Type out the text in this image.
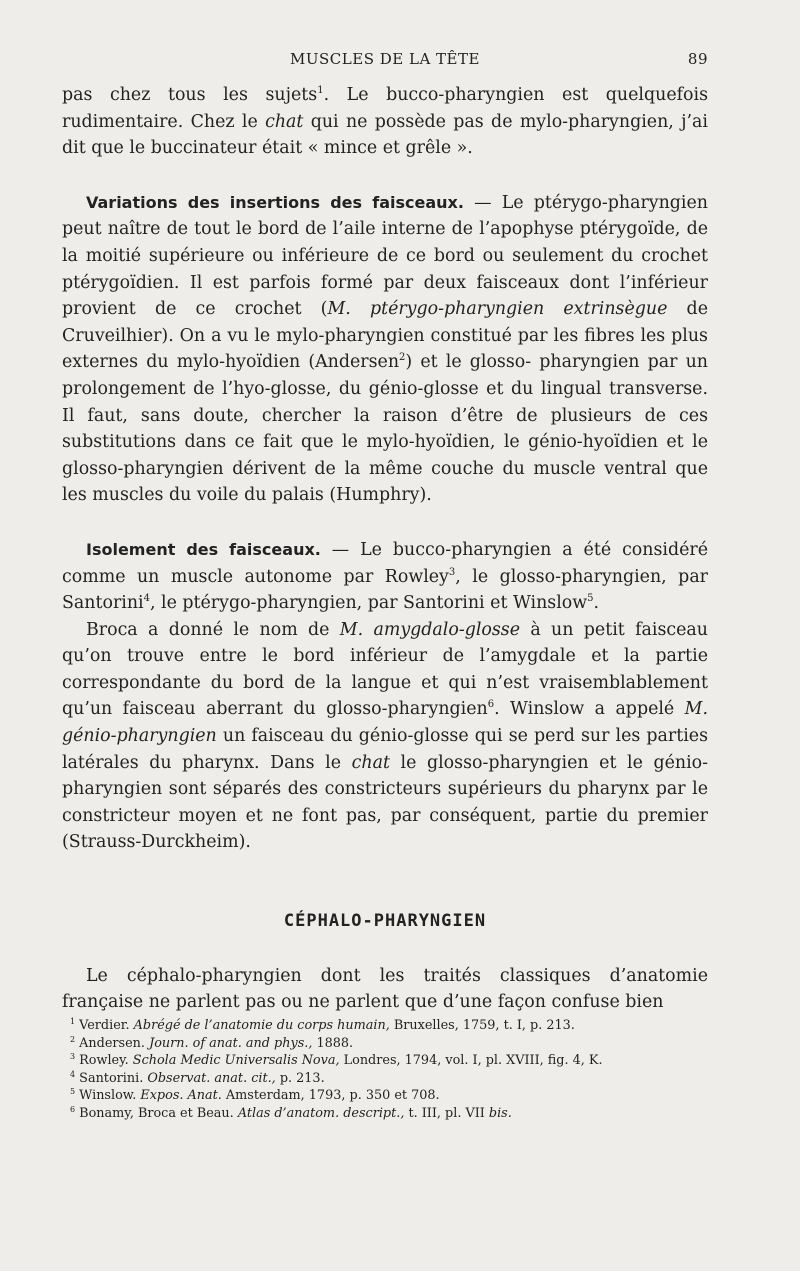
MUSCLES DE LA TÊTE	89

pas chez tous les sujets$^1$. Le bucco-pharyngien est quelquefois rudimentaire. Chez le chat qui ne possède pas de mylo-pharyngien, j’ai dit que le buccinateur était « mince et grêle ».

Variations des insertions des faisceaux. — Le ptérygo-pharyngien peut naître de tout le bord de l’aile interne de l’apophyse ptérygoïde, de la moitié supérieure ou inférieure de ce bord ou seulement du crochet ptérygoïdien. Il est parfois formé par deux faisceaux dont l’inférieur provient de ce crochet (M. ptérygo-pharyngien extrinsègue de Cruveilhier). On a vu le mylo-pharyngien constitué par les fibres les plus externes du mylo-hyoïdien (Andersen$^2$) et le glosso- pharyngien par un prolongement de l’hyo-glosse, du génio-glosse et du lingual transverse. Il faut, sans doute, chercher la raison d’être de plusieurs de ces substitutions dans ce fait que le mylo-hyoïdien, le génio-hyoïdien et le glosso-pharyngien dérivent de la même couche du muscle ventral que les muscles du voile du palais (Humphry).

Isolement des faisceaux. — Le bucco-pharyngien a été considéré comme un muscle autonome par Rowley$^3$, le glosso-pharyngien, par Santorini$^4$, le ptérygo-pharyngien, par Santorini et Winslow$^5$.

Broca a donné le nom de M. amygdalo-glosse à un petit faisceau qu’on trouve entre le bord inférieur de l’amygdale et la partie correspondante du bord de la langue et qui n’est vraisemblablement qu’un faisceau aberrant du glosso-pharyngien$^6$. Winslow a appelé M. génio-pharyngien un faisceau du génio-glosse qui se perd sur les parties latérales du pharynx. Dans le chat le glosso-pharyngien et le génio-pharyngien sont séparés des constricteurs supérieurs du pharynx par le constricteur moyen et ne font pas, par conséquent, partie du premier (Strauss-Durckheim).

CÉPHALO-PHARYNGIEN

Le céphalo-pharyngien dont les traités classiques d’anatomie française ne parlent pas ou ne parlent que d’une façon confuse bien

$^1$ Verdier. Abrégé de l’anatomie du corps humain, Bruxelles, 1759, t. I, p. 213.
$^2$ Andersen. Journ. of anat. and phys., 1888.
$^3$ Rowley. Schola Medic Universalis Nova, Londres, 1794, vol. I, pl. XVIII, fig. 4, K.
$^4$ Santorini. Observat. anat. cit., p. 213.
$^5$ Winslow. Expos. Anat. Amsterdam, 1793, p. 350 et 708.
$^6$ Bonamy, Broca et Beau. Atlas d’anatom. descript., t. III, pl. VII bis.
